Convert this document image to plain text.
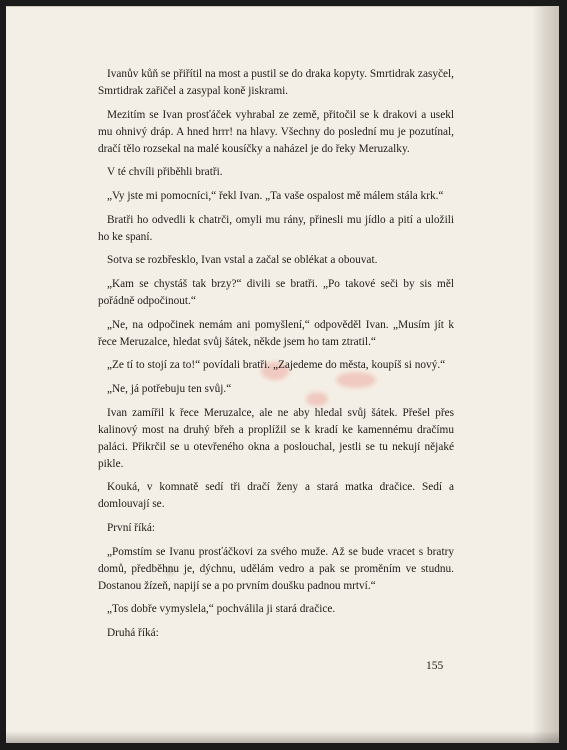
Ivanův kůň se přiřítil na most a pustil se do draka kopyty. Smrtidrak zasyčel, Smrtidrak zařičel a zasypal koně jiskrami.

Mezitím se Ivan prosťáček vyhrabal ze země, přitočil se k drakovi a usekl mu ohnivý dráp. A hned hrrr! na hlavy. Všechny do poslední mu je pozutínal, dračí tělo rozsekal na malé kousíčky a naházel je do řeky Meruzalky.

V té chvíli přiběhli bratři.

„Vy jste mi pomocníci,“ řekl Ivan. „Ta vaše ospalost mě málem stála krk.“

Bratři ho odvedli k chatrči, omyli mu rány, přinesli mu jídlo a pití a uložili ho ke spaní.

Sotva se rozbřesklo, Ivan vstal a začal se oblékat a obouvat.

„Kam se chystáš tak brzy?“ divili se bratři. „Po takové seči by sis měl pořádně odpočinout.“

„Ne, na odpočinek nemám ani pomyšlení,“ odpověděl Ivan. „Musím jít k řece Meruzalce, hledat svůj šátek, někde jsem ho tam ztratil.“

„Ze tí to stojí za to!“ povídali bratři. „Zajedeme do města, koupíš si nový.“

„Ne, já potřebuju ten svůj.“

Ivan zamířil k řece Meruzalce, ale ne aby hledal svůj šátek. Přešel přes kalinový most na druhý břeh a proplížil se k kradí ke kamennému dračímu paláci. Přikrčil se u otevřeného okna a poslouchal, jestli se tu nekují nějaké pikle.

Kouká, v komnatě sedí tři dračí ženy a stará matka dračice. Sedí a domlouvají se.

První říká:

„Pomstím se Ivanu prosťáčkovi za svého muže. Až se bude vracet s bratry domů, předběhnu je, dýchnu, udělám vedro a pak se proměním ve studnu. Dostanou žízeň, napijí se a po prvním doušku padnou mrtví.“

„Tos dobře vymyslela,“ pochválila ji stará dračice.

Druhá říká:

155
